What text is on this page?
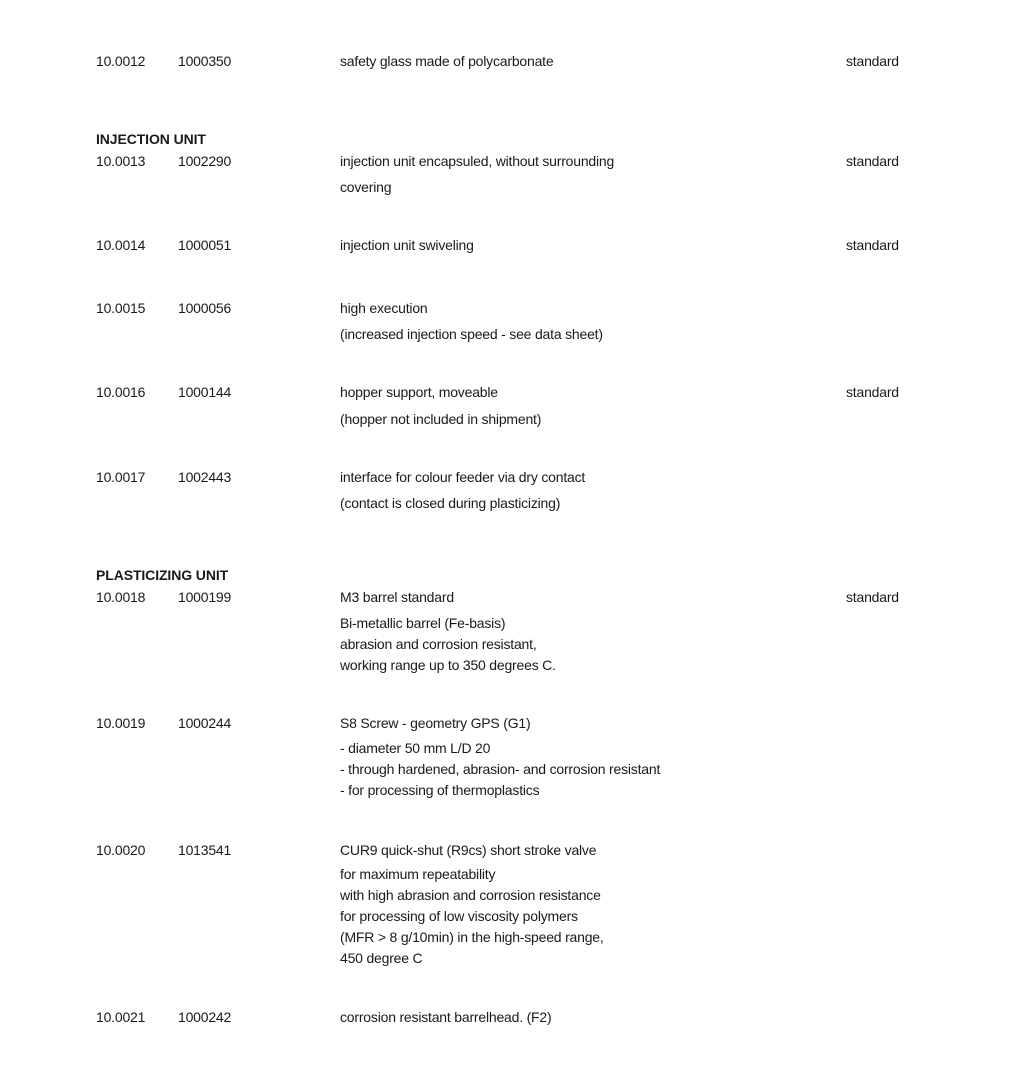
INJECTION UNIT
PLASTICIZING UNIT
10.0012 1000350	safety glass made of polycarbonate	standard
10.0013 1002290	injection unit encapsuled, without surrounding	standard
covering
10.0014 1000051	injection unit swiveling	standard
10.0015 1000056	high execution
(increased injection speed - see data sheet)
10.0016 1000144	hopper support, moveable	standard
(hopper not included in shipment)
10.0017 1002443	interface for colour feeder via dry contact
(contact is closed during plasticizing)
10.0018 1000199	M3 barrel standard	standard
Bi-metallic barrel (Fe-basis)
abrasion and corrosion resistant,
working range up to 350 degrees C.
10.0019 1000244	S8 Screw - geometry GPS (G1)
- diameter 50 mm L/D 20
- through hardened, abrasion- and corrosion resistant
- for processing of thermoplastics
10.0020 1013541	CUR9 quick-shut (R9cs) short stroke valve
for maximum repeatability
with high abrasion and corrosion resistance
for processing of low viscosity polymers
(MFR > 8 g/10min) in the high-speed range,
450 degree C
10.0021 1000242	corrosion resistant barrelhead. (F2)
